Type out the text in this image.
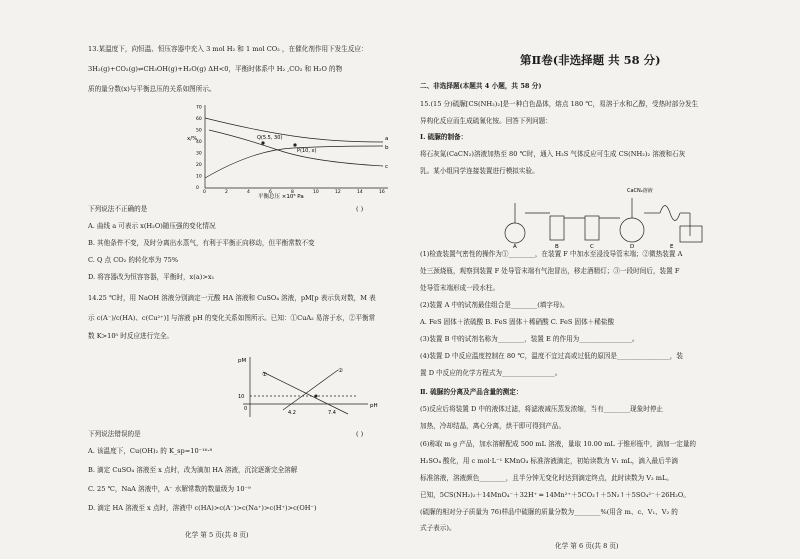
13.某温度下，向恒温、恒压容器中充入 3 mol H₂ 和 1 mol CO₂ ，在催化剂作用下发生反应：
3H₂(g)+CO₂(g)⇌CH₃OH(g)+H₂O(g) ΔH<0，平衡时体系中 H₂ ,CO₂ 和 H₂O 的物
质的量分数(x)与平衡总压的关系如图所示。
x/%
平衡总压 ×10⁵ Pa
Q(5.5, 30)
P(10, x)
a
b
c
0
10
20
30
40
50
60
70
0	2	4	6	8	10	12	14	16
下列说法不正确的是	( )
A. 曲线 a 可表示 x(H₂O)随压强的变化情况
B. 其他条件不变，及时分离出水蒸气，有利于平衡正向移动，但平衡常数不变
C. Q 点 CO₂ 的转化率为 75%
D. 将容器改为恒容容器，平衡时，x(a)>x₁
14.25 ℃时，用 NaOH 溶液分别滴定一元酸 HA 溶液和 CuSO₄ 溶液，pM[p 表示负对数，M 表
示 c(A⁻)/c(HA)、c(Cu²⁺)] 与溶液 pH 的变化关系如图所示。已知：①CuA₂ 易溶于水，②平衡常
数 K>10⁵ 时反应进行完全。
pM
pH
0
10
①
②
4.2	7.4
下列说法错误的是	( )
A. 该温度下，Cu(OH)₂ 的 K_sp=10⁻¹⁶·⁸
B. 滴定 CuSO₄ 溶液至 x 点时，改为滴加 HA 溶液，沉淀逐渐完全溶解
C. 25 ℃，NaA 溶液中，A⁻ 水解常数的数量级为 10⁻⁹
D. 滴定 HA 溶液至 x 点时，溶液中 c(HA)>c(A⁻)>c(Na⁺)>c(H⁺)>c(OH⁻)
化学 第 5 页(共 8 页)
第Ⅱ卷(非选择题 共 58 分)
二、非选择题(本题共 4 小题，共 58 分)
15.(15 分)硫脲[CS(NH₂)₂]是一种白色晶体，熔点 180 ℃，易溶于水和乙醇，受热时部分发生
异构化反应而生成硫氰化铵。回答下列问题：
Ⅰ. 硫脲的制备：
将石灰氮(CaCN₂)溶液加热至 80 ℃时，通入 H₂S 气体反应可生成 CS(NH₂)₂ 溶液和石灰
乳。某小组同学连接装置进行模拟实验。
CaCN₂溶液
A	B	C	D	E
(1)检查装置气密性的操作为①________，在装置 F 中加水至浸没导管末端；②微热装置 A
处三颈烧瓶，观察到装置 F 处导管末端有气泡冒出，移走酒精灯；③一段时间后，装置 F
处导管末端形成一段水柱。
(2)装置 A 中的试剂最佳组合是________(填字母)。
A. FeS 固体＋浓硫酸 B. FeS 固体＋稀硝酸 C. FeS 固体＋稀盐酸
(3)装置 B 中的试剂名称为________，装置 E 的作用为________________。
(4)装置 D 中反应温度控制在 80 ℃，温度不宜过高或过低的原因是________________，装
置 D 中反应的化学方程式为________________。
Ⅱ. 硫脲的分离及产品含量的测定：
(5)反应后将装置 D 中的液体过滤，将滤液减压蒸发浓缩，当有________现象时停止
加热，冷却结晶，离心分离，烘干即可得到产品。
(6)称取 m g 产品，加水溶解配成 500 mL 溶液，量取 10.00 mL 于锥形瓶中，滴加一定量的
H₂SO₄ 酸化，用 c mol·L⁻¹ KMnO₄ 标准溶液滴定，初始读数为 V₁ mL，滴入最后半滴
标准溶液，溶液颜色________，且半分钟无变化时达到滴定终点，此时读数为 V₂ mL。
已知，5CS(NH₂)₂＋14MnO₄⁻＋32H⁺ ═ 14Mn²⁺＋5CO₂↑＋5N₂↑＋5SO₄²⁻＋26H₂O。
(硫脲的相对分子质量为 76)样品中硫脲的质量分数为________%(用含 m、c、V₁、V₂ 的
式子表示)。
化学 第 6 页(共 8 页)
